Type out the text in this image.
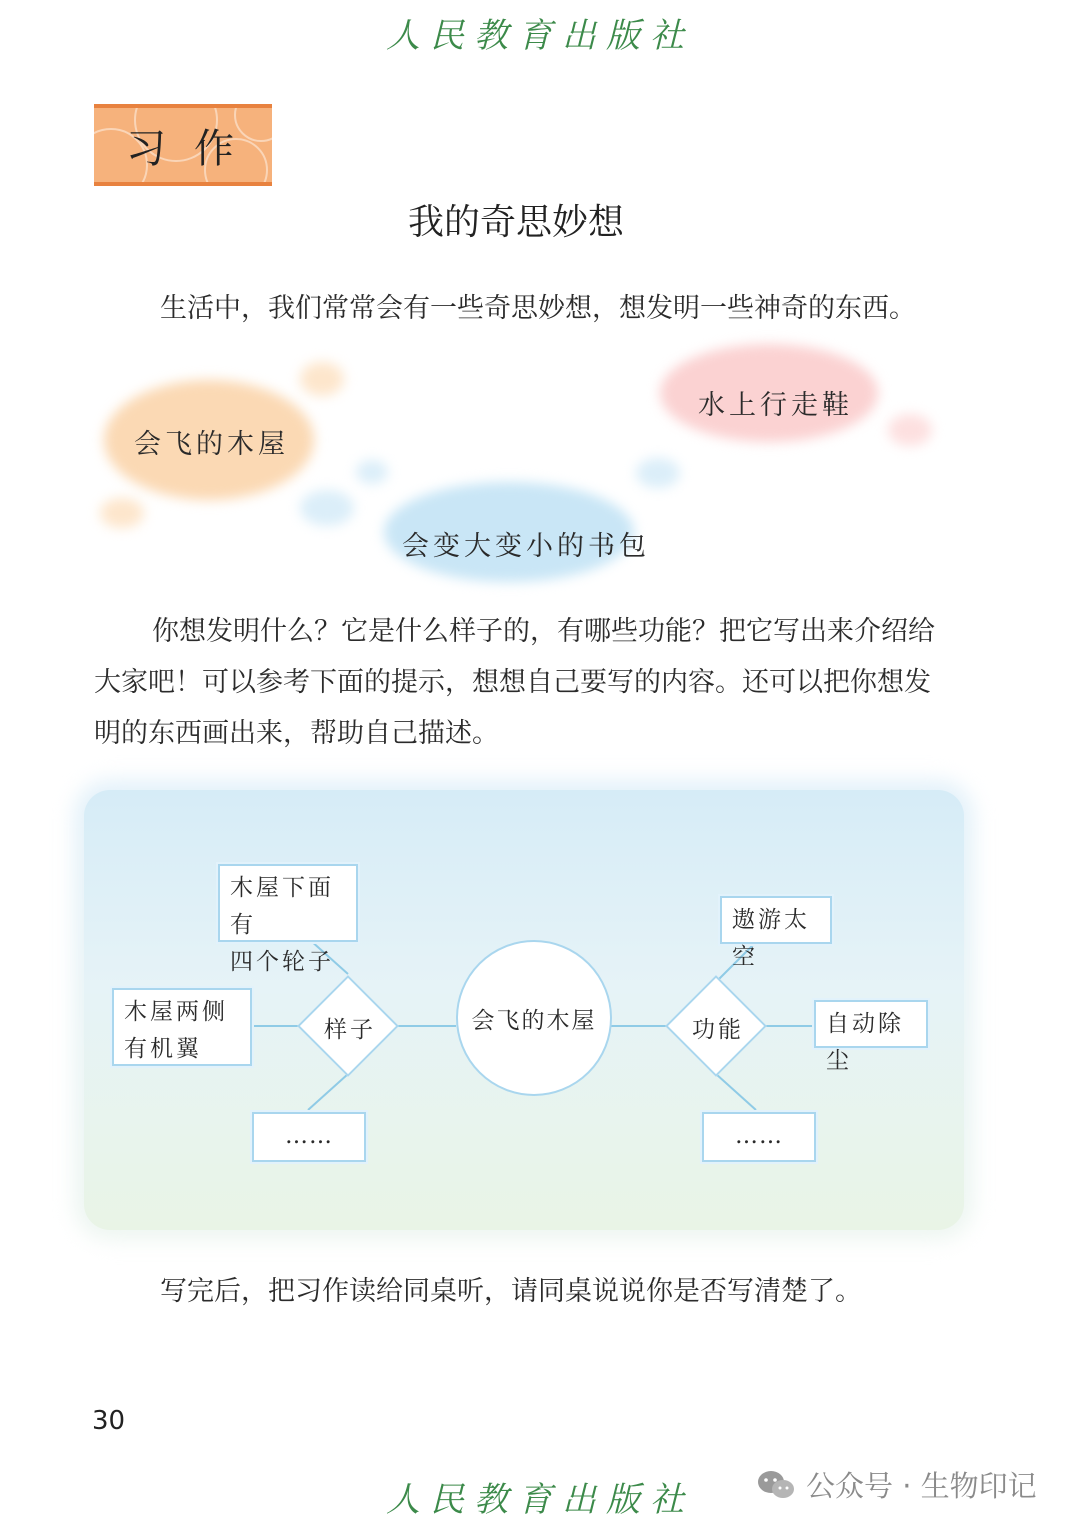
人民教育出版社
习作
我的奇思妙想

生活中，我们常常会有一些奇思妙想，想发明一些神奇的东西。

会飞的木屋
水上行走鞋
会变大变小的书包

你想发明什么？它是什么样子的，有哪些功能？把它写出来介绍给大家吧！可以参考下面的提示，想想自己要写的内容。还可以把你想发明的东西画出来，帮助自己描述。

木屋下面有
四个轮子
木屋两侧
有机翼
……
样子	会飞的木屋	功能
遨游太空
自动除尘
……

写完后，把习作读给同桌听，请同桌说说你是否写清楚了。

30
人民教育出版社	公众号 · 生物印记
